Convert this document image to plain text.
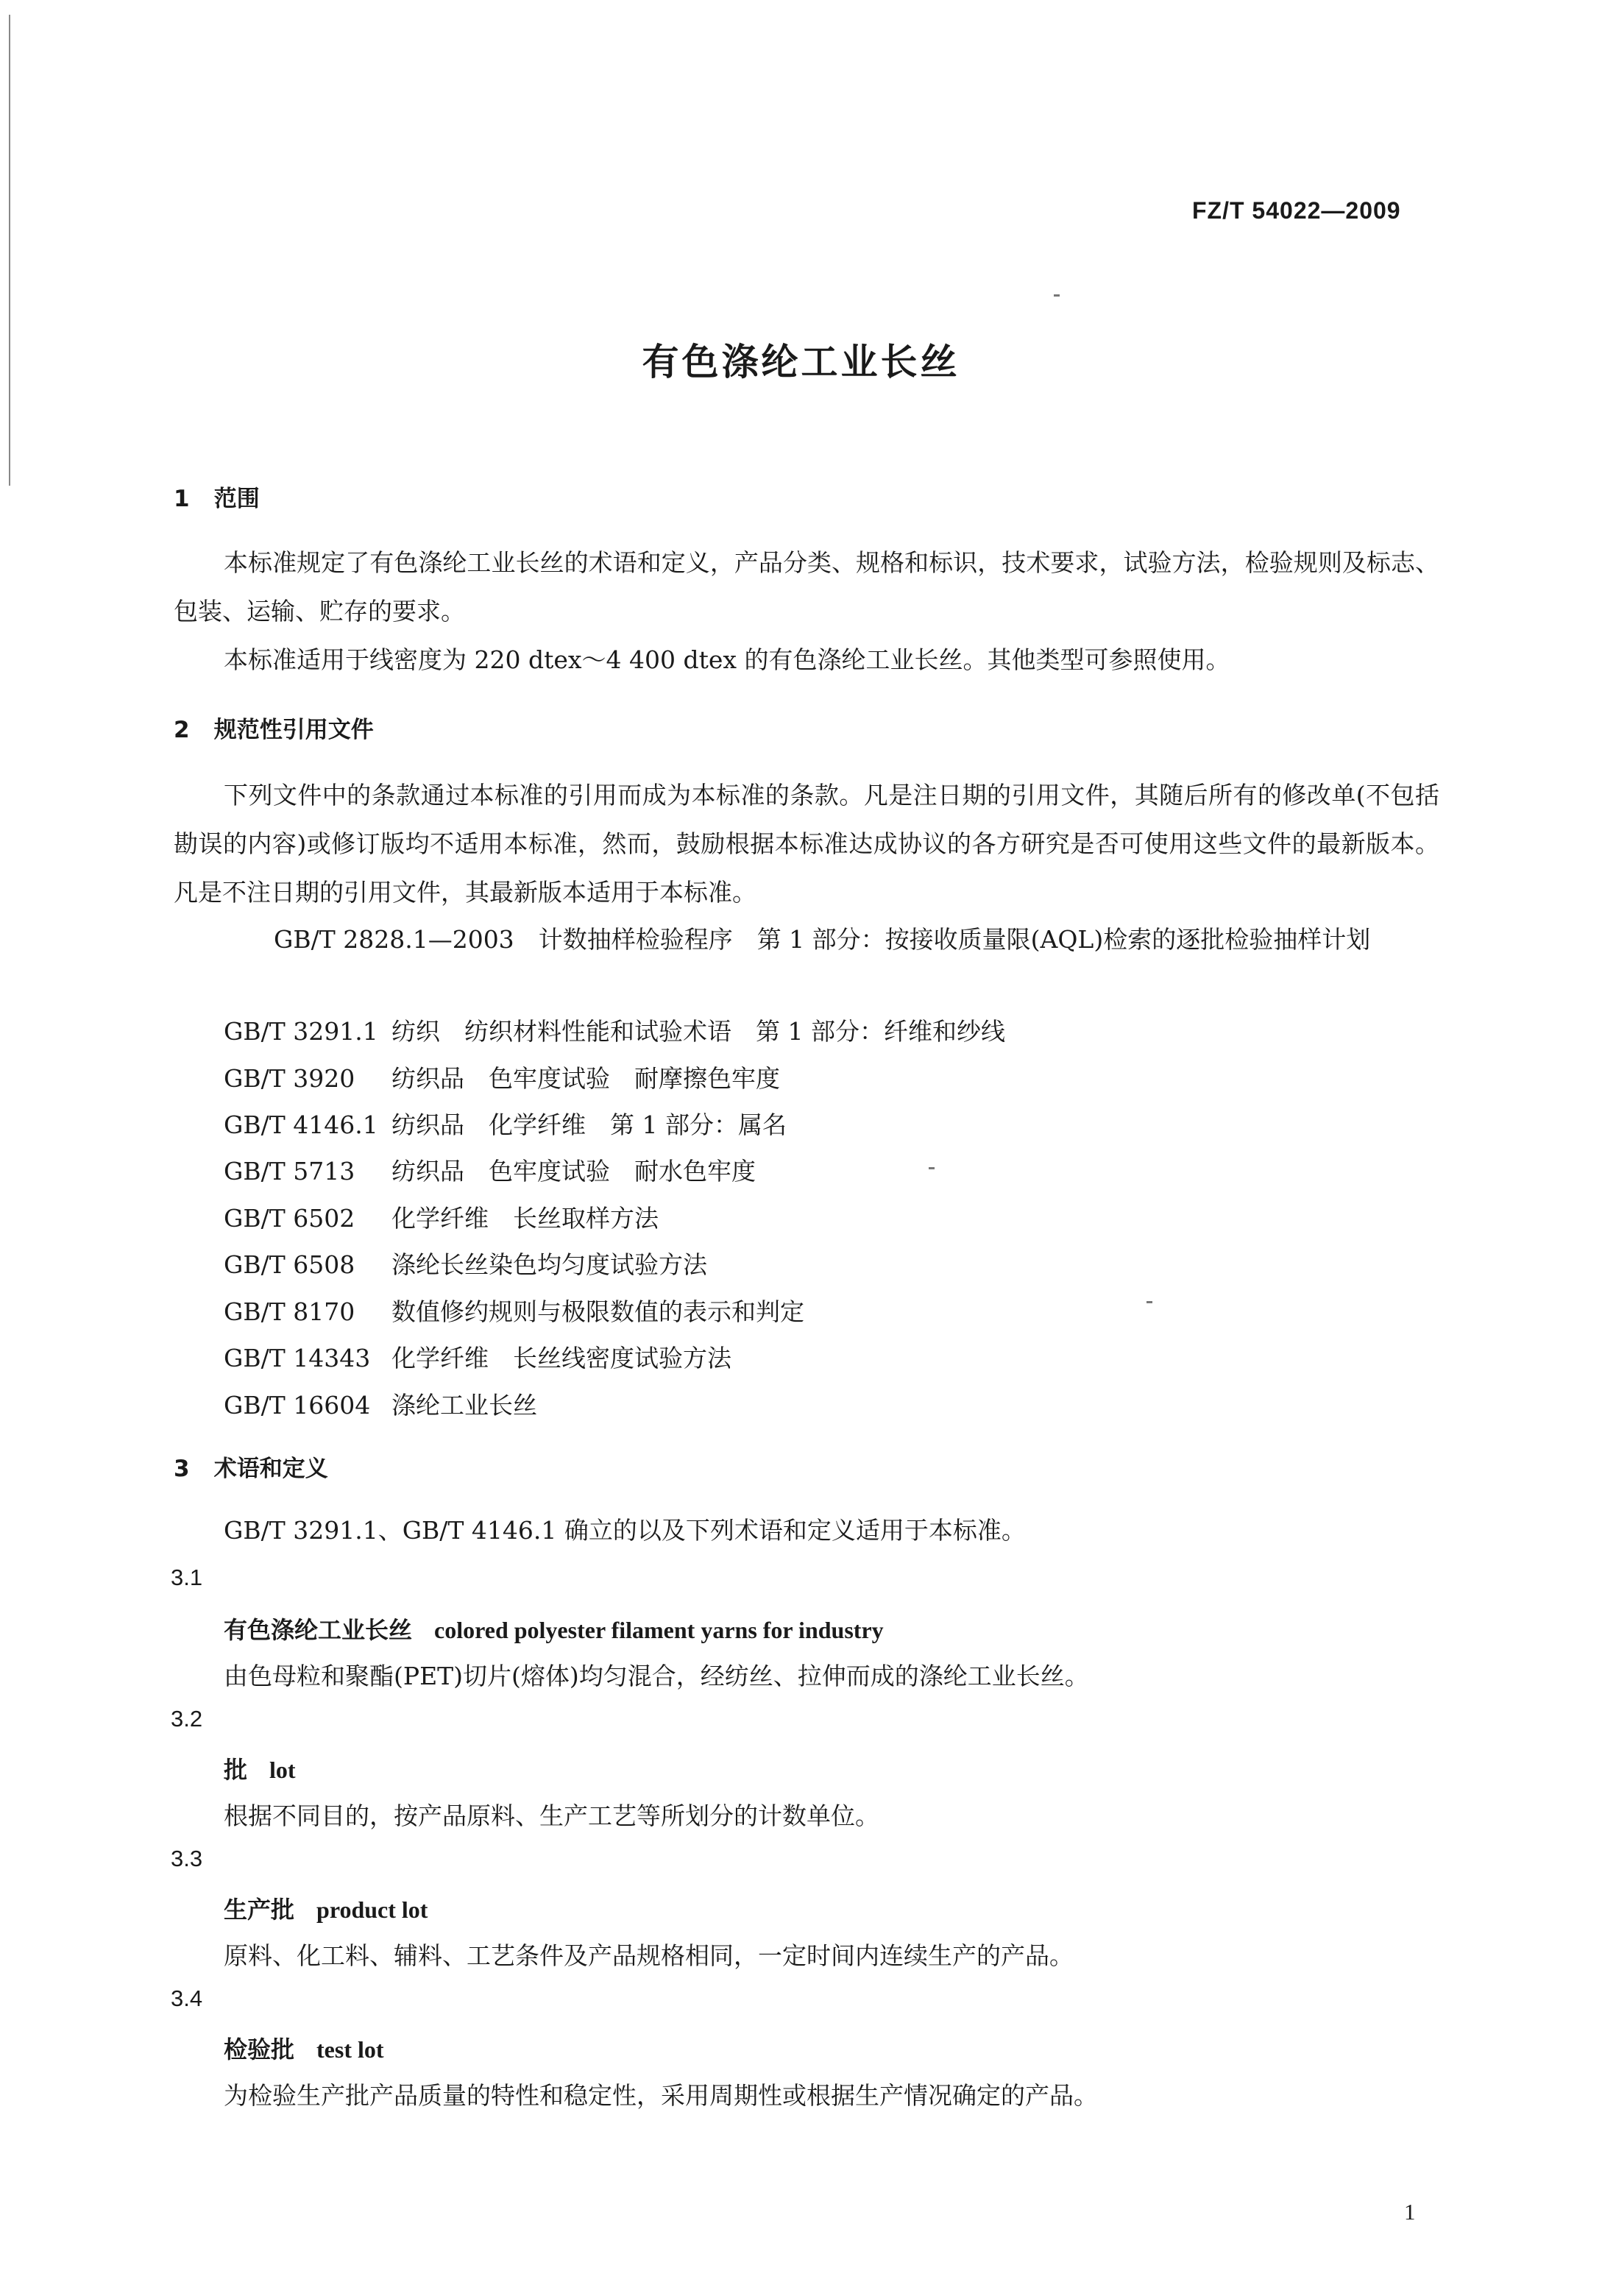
FZ/T 54022—2009
有色涤纶工业长丝
1 范围
本标准规定了有色涤纶工业长丝的术语和定义，产品分类、规格和标识，技术要求，试验方法，检验规则及标志、包装、运输、贮存的要求。
本标准适用于线密度为 220 dtex～4 400 dtex 的有色涤纶工业长丝。其他类型可参照使用。
2 规范性引用文件
下列文件中的条款通过本标准的引用而成为本标准的条款。凡是注日期的引用文件，其随后所有的修改单(不包括勘误的内容)或修订版均不适用本标准，然而，鼓励根据本标准达成协议的各方研究是否可使用这些文件的最新版本。凡是不注日期的引用文件，其最新版本适用于本标准。
GB/T 2828.1—2003　 计数抽样检验程序　第 1 部分：按接收质量限(AQL)检索的逐批检验抽样计划
GB/T 3291.1 纺织　纺织材料性能和试验术语　第 1 部分：纤维和纱线
GB/T 3920 纺织品　色牢度试验　耐摩擦色牢度
GB/T 4146.1 纺织品　化学纤维　第 1 部分：属名
GB/T 5713 纺织品　色牢度试验　耐水色牢度
GB/T 6502 化学纤维　长丝取样方法
GB/T 6508 涤纶长丝染色均匀度试验方法
GB/T 8170 数值修约规则与极限数值的表示和判定
GB/T 14343 化学纤维　长丝线密度试验方法
GB/T 16604 涤纶工业长丝
3 术语和定义
GB/T 3291.1、GB/T 4146.1 确立的以及下列术语和定义适用于本标准。
3.1
有色涤纶工业长丝 colored polyester filament yarns for industry
由色母粒和聚酯(PET)切片(熔体)均匀混合，经纺丝、拉伸而成的涤纶工业长丝。
3.2
批 lot
根据不同目的，按产品原料、生产工艺等所划分的计数单位。
3.3
生产批 product lot
原料、化工料、辅料、工艺条件及产品规格相同，一定时间内连续生产的产品。
3.4
检验批 test lot
为检验生产批产品质量的特性和稳定性，采用周期性或根据生产情况确定的产品。
1
